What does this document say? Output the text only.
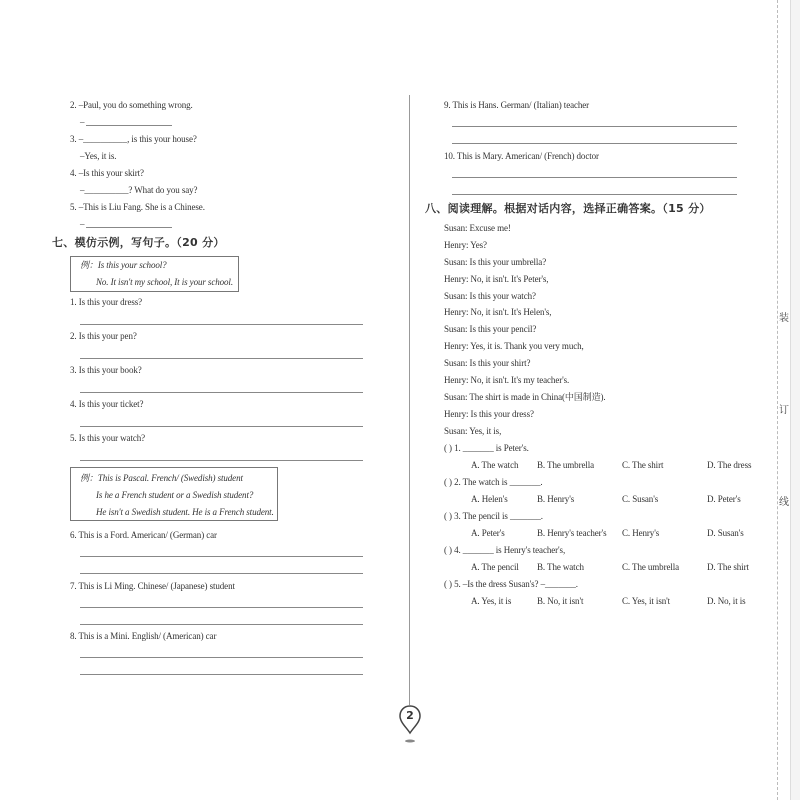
2. –Paul, you do something wrong.
–
3. –__________, is this your house?
–Yes, it is.
4. –Is this your skirt?
–__________? What do you say?
5. –This is Liu Fang. She is a Chinese.
–
七、模仿示例，写句子。（20 分）
例：Is this your school?
No. It isn't my school, It is your school.
1. Is this your dress?
2. Is this your pen?
3. Is this your book?
4. Is this your ticket?
5. Is this your watch?
例：This is Pascal. French/ (Swedish) student
Is he a French student or a Swedish student?
He isn't a Swedish student. He is a French student.
6. This is a Ford. American/ (German) car
7. This is Li Ming. Chinese/ (Japanese) student
8. This is a Mini. English/ (American) car
9. This is Hans. German/ (Italian) teacher
10. This is Mary. American/ (French) doctor
八、阅读理解。根据对话内容，选择正确答案。（15 分）
Susan: Excuse me!
Henry: Yes?
Susan: Is this your umbrella?
Henry: No, it isn't. It's Peter's,
Susan: Is this your watch?
Henry: No, it isn't. It's Helen's,
Susan: Is this your pencil?
Henry: Yes, it is. Thank you very much,
Susan: Is this your shirt?
Henry: No, it isn't. It's my teacher's.
Susan: The shirt is made in China(中国制造).
Henry: Is this your dress?
Susan: Yes, it is,
( ) 1. _______ is Peter's.
A. The watch B. The umbrella	C. The shirt	D. The dress
( ) 2. The watch is _______.
A. Helen's	B. Henry's	C. Susan's	D. Peter's
( ) 3. The pencil is _______.
A. Peter's	B. Henry's teacher's C. Henry's	D. Susan's
( ) 4. _______ is Henry's teacher's,
A. The pencil B. The watch	C. The umbrella	D. The shirt
( ) 5. –Is the dress Susan's? –_______.
A. Yes, it is	B. No, it isn't	C. Yes, it isn't	D. No, it is
装
订
线
2
